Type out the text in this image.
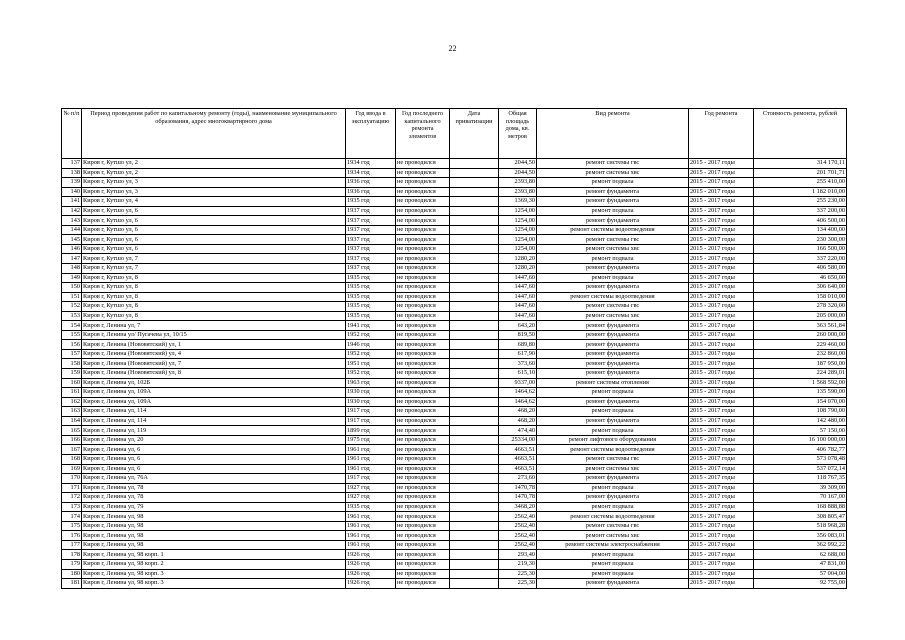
22
№ п/п	Период проведения работ по капитальному ремонту (годы), наименование муниципального образования, адрес многоквартирного дома	Год ввода в эксплуатацию	Год последнего капитального ремонта элементов	Дата приватизации	Общая площадь дома, кв. метров	Вид ремонта	Год ремонта	Стоимость ремонта, рублей
137	Киров г, Кутшо ул, 2	1934 год	не проводился		2044,50	ремонт системы гвс	2015 - 2017 годы	314 170,11
138	Киров г, Кутшо ул, 2	1934 год	не проводился		2044,50	ремонт системы хвс	2015 - 2017 годы	201 701,71
139	Киров г, Кутшо ул, 3	1936 год	не проводился		2393,80	ремонт подвала	2015 - 2017 годы	255 410,00
140	Киров г, Кутшо ул, 3	1936 год	не проводился		2393,80	ремонт фундамента	2015 - 2017 годы	1 182 010,00
141	Киров г, Кутшо ул, 4	1935 год	не проводился		1369,30	ремонт фундамента	2015 - 2017 годы	255 230,00
142	Киров г, Кутшо ул, 6	1937 год	не проводился		1254,00	ремонт подвала	2015 - 2017 годы	337 200,00
143	Киров г, Кутшо ул, 6	1937 год	не проводился		1254,00	ремонт фундамента	2015 - 2017 годы	406 500,00
144	Киров г, Кутшо ул, 6	1937 год	не проводился		1254,00	ремонт системы водоотведения	2015 - 2017 годы	134 400,00
145	Киров г, Кутшо ул, 6	1937 год	не проводился		1254,00	ремонт системы гвс	2015 - 2017 годы	230 300,00
146	Киров г, Кутшо ул, 6	1937 год	не проводился		1254,00	ремонт системы хвс	2015 - 2017 годы	166 500,00
147	Киров г, Кутшо ул, 7	1937 год	не проводился		1280,20	ремонт подвала	2015 - 2017 годы	337 220,00
148	Киров г, Кутшо ул, 7	1937 год	не проводился		1280,20	ремонт фундамента	2015 - 2017 годы	406 580,00
149	Киров г, Кутшо ул, 8	1935 год	не проводился		1447,60	ремонт подвала	2015 - 2017 годы	46 650,00
150	Киров г, Кутшо ул, 8	1935 год	не проводился		1447,60	ремонт фундамента	2015 - 2017 годы	306 640,00
151	Киров г, Кутшо ул, 8	1935 год	не проводился		1447,60	ремонт системы водоотведения	2015 - 2017 годы	158 010,00
152	Киров г, Кутшо ул, 8	1935 год	не проводился		1447,60	ремонт системы гвс	2015 - 2017 годы	278 320,00
153	Киров г, Кутшо ул, 8	1935 год	не проводился		1447,60	ремонт системы хвс	2015 - 2017 годы	205 000,00
154	Киров г, Ленина ул, 7	1941 год	не проводился		643,20	ремонт фундамента	2015 - 2017 годы	363 561,84
155	Киров г, Ленина ул/ Пугачева ул, 10/15	1952 год	не проводился		819,50	ремонт фундамента	2015 - 2017 годы	260 000,00
156	Киров г, Ленина (Нововятский) ул, 1	1946 год	не проводился		689,80	ремонт фундамента	2015 - 2017 годы	229 460,00
157	Киров г, Ленина (Нововятский) ул, 4	1952 год	не проводился		617,90	ремонт фундамента	2015 - 2017 годы	232 860,00
158	Киров г, Ленина (Нововятский) ул, 7	1951 год	не проводился		373,60	ремонт фундамента	2015 - 2017 годы	187 950,00
159	Киров г, Ленина (Нововятский) ул, 8	1952 год	не проводился		615,10	ремонт фундамента	2015 - 2017 годы	224 289,01
160	Киров г, Ленина ул, 102Б	1963 год	не проводился		9337,00	ремонт системы отопления	2015 - 2017 годы	1 568 592,00
161	Киров г, Ленина ул, 109А	1930 год	не проводился		1464,62	ремонт подвала	2015 - 2017 годы	135 590,00
162	Киров г, Ленина ул, 109А	1930 год	не проводился		1464,62	ремонт фундамента	2015 - 2017 годы	154 070,00
163	Киров г, Ленина ул, 114	1917 год	не проводился		468,20	ремонт подвала	2015 - 2017 годы	108 790,00
164	Киров г, Ленина ул, 114	1917 год	не проводился		468,20	ремонт фундамента	2015 - 2017 годы	142 480,00
165	Киров г, Ленина ул, 119	1899 год	не проводился		474,40	ремонт подвала	2015 - 2017 годы	57 150,00
166	Киров г, Ленина ул, 20	1975 год	не проводился		25334,00	ремонт лифтового оборудования	2015 - 2017 годы	16 100 000,00
167	Киров г, Ленина ул, 6	1961 год	не проводился		4663,51	ремонт системы водоотведения	2015 - 2017 годы	406 782,77
168	Киров г, Ленина ул, 6	1961 год	не проводился		4663,51	ремонт системы гвс	2015 - 2017 годы	573 078,48
169	Киров г, Ленина ул, 6	1961 год	не проводился		4663,51	ремонт системы хвс	2015 - 2017 годы	537 072,14
170	Киров г, Ленина ул, 76А	1917 год	не проводился		273,60	ремонт фундамента	2015 - 2017 годы	118 767,35
171	Киров г, Ленина ул, 78	1927 год	не проводился		1470,78	ремонт подвала	2015 - 2017 годы	39 309,00
172	Киров г, Ленина ул, 78	1927 год	не проводился		1470,78	ремонт фундамента	2015 - 2017 годы	70 167,00
173	Киров г, Ленина ул, 79	1935 год	не проводился		3468,20	ремонт подвала	2015 - 2017 годы	168 888,88
174	Киров г, Ленина ул, 98	1961 год	не проводился		2562,40	ремонт системы водоотведения	2015 - 2017 годы	308 805,47
175	Киров г, Ленина ул, 98	1961 год	не проводился		2562,40	ремонт системы гвс	2015 - 2017 годы	518 968,28
176	Киров г, Ленина ул, 98	1961 год	не проводился		2562,40	ремонт системы хвс	2015 - 2017 годы	356 083,01
177	Киров г, Ленина ул, 98	1961 год	не проводился		2562,40	ремонт системы электроснабжения	2015 - 2017 годы	362 992,22
178	Киров г, Ленина ул, 98 корп. 1	1926 год	не проводился		293,40	ремонт подвала	2015 - 2017 годы	62 688,00
179	Киров г, Ленина ул, 98 корп. 2	1926 год	не проводился		219,30	ремонт подвала	2015 - 2017 годы	47 831,00
180	Киров г, Ленина ул, 98 корп. 3	1926 год	не проводился		225,30	ремонт подвала	2015 - 2017 годы	57 004,00
181	Киров г, Ленина ул, 98 корп. 3	1926 год	не проводился		225,30	ремонт фундамента	2015 - 2017 годы	92 755,00
